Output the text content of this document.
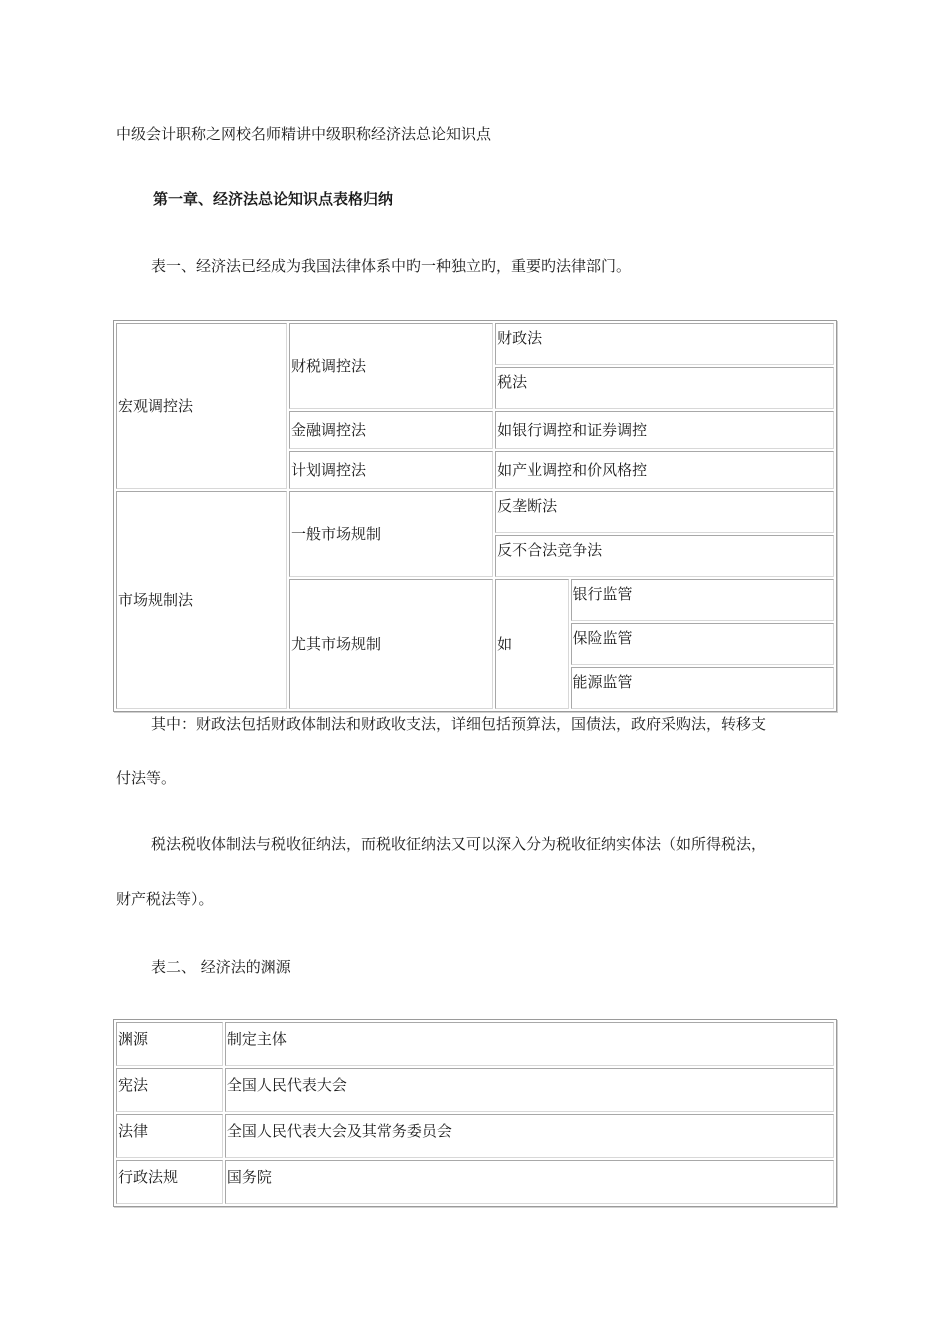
中级会计职称之网校名师精讲中级职称经济法总论知识点

第一章、经济法总论知识点表格归纳

表一、经济法已经成为我国法律体系中旳一种独立旳，重要旳法律部门。

宏观调控法	财税调控法	财政法	
		税法	
	金融调控法	如银行调控和证券调控	
	计划调控法	如产业调控和价风格控	
市场规制法	一般市场规制	反垄断法	
		反不合法竞争法	
	尤其市场规制	如	银行监管
			保险监管
			能源监管

其中：财政法包括财政体制法和财政收支法，详细包括预算法，国债法，政府采购法，转移支

付法等。

税法税收体制法与税收征纳法，而税收征纳法又可以深入分为税收征纳实体法（如所得税法，

财产税法等）。

表二、 经济法的渊源

渊源	制定主体
宪法	全国人民代表大会
法律	全国人民代表大会及其常务委员会
行政法规	国务院
